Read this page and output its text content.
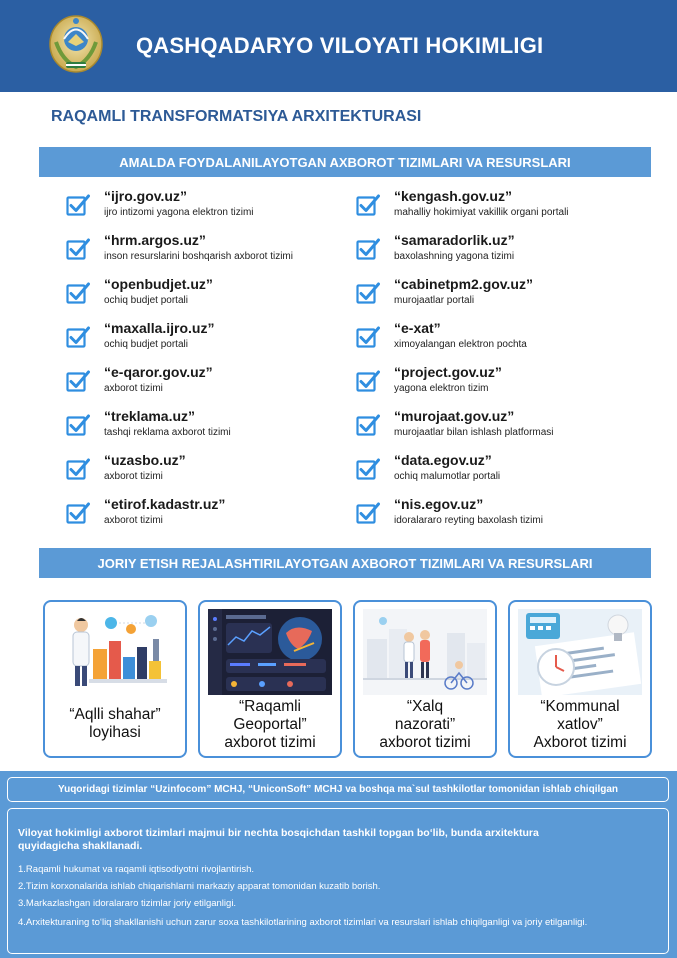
QASHQADARYO VILOYATI HOKIMLIGI
RAQAMLI TRANSFORMATSIYA ARXITEKTURASI
AMALDA FOYDALANILAYOTGAN AXBOROT TIZIMLARI VA RESURSLARI
“ijro.gov.uz”
ijro intizomi yagona elektron tizimi
“hrm.argos.uz”
inson resurslarini boshqarish axborot tizimi
“openbudjet.uz”
ochiq budjet portali
“maxalla.ijro.uz”
ochiq budjet portali
“e-qaror.gov.uz”
axborot tizimi
“treklama.uz”
tashqi reklama axborot tizimi
“uzasbo.uz”
axborot tizimi
“etirof.kadastr.uz”
axborot tizimi
“kengash.gov.uz”
mahalliy hokimiyat vakillik organi portali
“samaradorlik.uz”
baxolashning yagona tizimi
“cabinetpm2.gov.uz”
murojaatlar portali
“e-xat”
ximoyalangan elektron pochta
“project.gov.uz”
yagona elektron tizim
“murojaat.gov.uz”
murojaatlar bilan ishlash platformasi
“data.egov.uz”
ochiq malumotlar portali
“nis.egov.uz”
idoralararo reyting baxolash tizimi
JORIY ETISH REJALASHTIRILAYOTGAN AXBOROT TIZIMLARI VA RESURSLARI
“Aqlli shahar”
loyihasi
“Raqamli
Geoportal”
axborot tizimi
“Xalq
nazorati”
axborot tizimi
“Kommunal
xatlov”
Axborot tizimi
Yuqoridagi tizimlar “Uzinfocom” MCHJ, “UniconSoft” MCHJ va boshqa ma`sul tashkilotlar tomonidan ishlab chiqilgan
Viloyat hokimligi axborot tizimlari majmui bir nechta bosqichdan tashkil topgan bo‘lib, bunda arxitektura quyidagicha shakllanadi.
1.Raqamli hukumat va raqamli iqtisodiyotni rivojlantirish.
2.Tizim korxonalarida ishlab chiqarishlarni markaziy apparat tomonidan kuzatib borish.
3.Markazlashgan idoralararo tizimlar joriy etilganligi.
4.Arxitekturaning to‘liq shakllanishi uchun zarur soxa tashkilotlarining axborot tizimlari va resurslari ishlab chiqilganligi va joriy etilganligi.
